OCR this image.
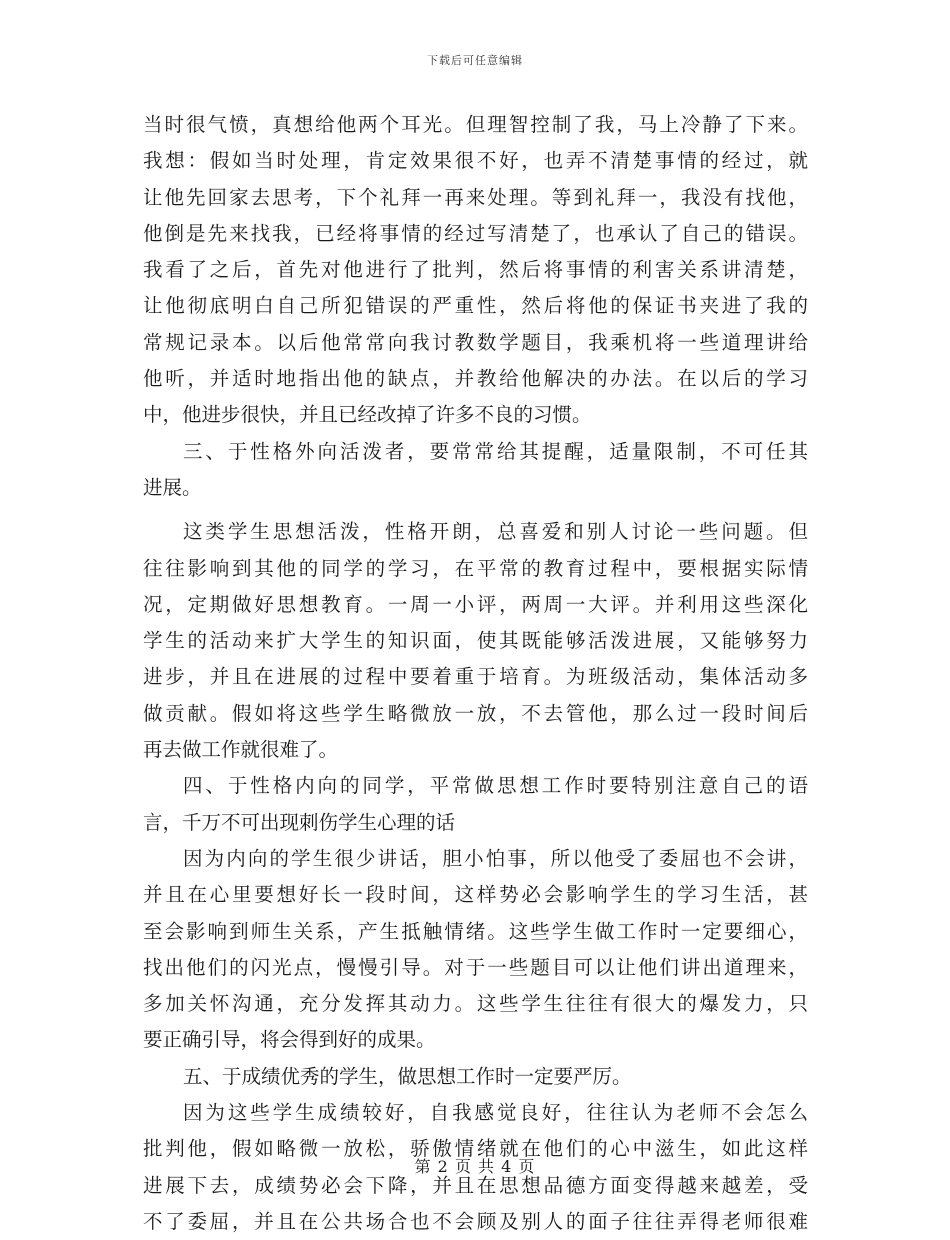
下载后可任意编辑
当时很气愤，真想给他两个耳光。但理智控制了我，马上冷静了下来。
我想：假如当时处理，肯定效果很不好，也弄不清楚事情的经过，就
让他先回家去思考，下个礼拜一再来处理。等到礼拜一，我没有找他，
他倒是先来找我，已经将事情的经过写清楚了，也承认了自己的错误。
我看了之后，首先对他进行了批判，然后将事情的利害关系讲清楚，
让他彻底明白自己所犯错误的严重性，然后将他的保证书夹进了我的
常规记录本。以后他常常向我讨教数学题目，我乘机将一些道理讲给
他听，并适时地指出他的缺点，并教给他解决的办法。在以后的学习
中，他进步很快，并且已经改掉了许多不良的习惯。
三、于性格外向活泼者，要常常给其提醒，适量限制，不可任其
进展。
这类学生思想活泼，性格开朗，总喜爱和别人讨论一些问题。但
往往影响到其他的同学的学习，在平常的教育过程中，要根据实际情
况，定期做好思想教育。一周一小评，两周一大评。并利用这些深化
学生的活动来扩大学生的知识面，使其既能够活泼进展，又能够努力
进步，并且在进展的过程中要着重于培育。为班级活动，集体活动多
做贡献。假如将这些学生略微放一放，不去管他，那么过一段时间后
再去做工作就很难了。
四、于性格内向的同学，平常做思想工作时要特别注意自己的语
言，千万不可出现刺伤学生心理的话
因为内向的学生很少讲话，胆小怕事，所以他受了委屈也不会讲，
并且在心里要想好长一段时间，这样势必会影响学生的学习生活，甚
至会影响到师生关系，产生抵触情绪。这些学生做工作时一定要细心，
找出他们的闪光点，慢慢引导。对于一些题目可以让他们讲出道理来，
多加关怀沟通，充分发挥其动力。这些学生往往有很大的爆发力，只
要正确引导，将会得到好的成果。
五、于成绩优秀的学生，做思想工作时一定要严厉。
因为这些学生成绩较好，自我感觉良好，往往认为老师不会怎么
批判他，假如略微一放松，骄傲情绪就在他们的心中滋生，如此这样
进展下去，成绩势必会下降，并且在思想品德方面变得越来越差，受
不了委屈，并且在公共场合也不会顾及别人的面子往往弄得老师很难
第 2 页 共 4 页
